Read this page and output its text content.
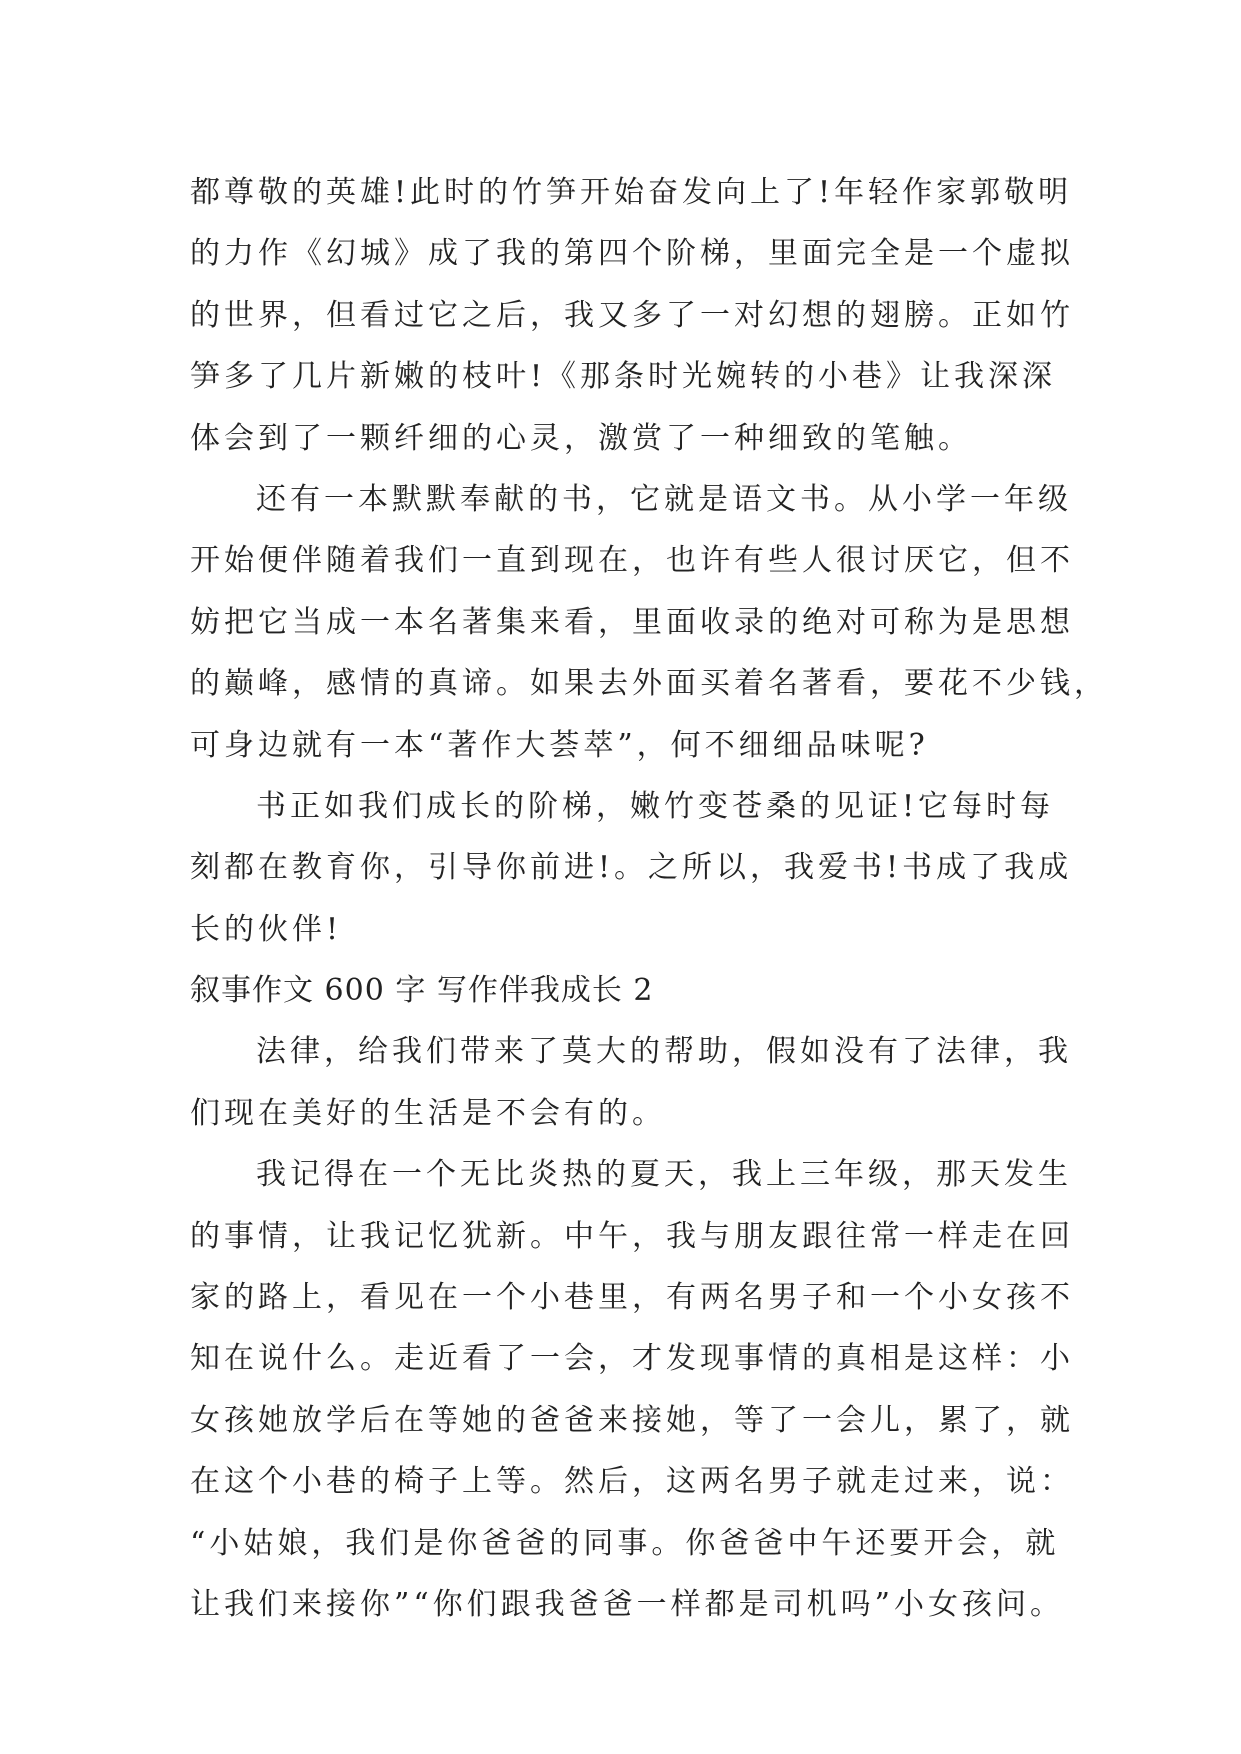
都尊敬的英雄!此时的竹笋开始奋发向上了!年轻作家郭敬明
的力作《幻城》成了我的第四个阶梯，里面完全是一个虚拟
的世界，但看过它之后，我又多了一对幻想的翅膀。正如竹
笋多了几片新嫩的枝叶!《那条时光婉转的小巷》让我深深
体会到了一颗纤细的心灵，激赏了一种细致的笔触。
还有一本默默奉献的书，它就是语文书。从小学一年级
开始便伴随着我们一直到现在，也许有些人很讨厌它，但不
妨把它当成一本名著集来看，里面收录的绝对可称为是思想
的巅峰，感情的真谛。如果去外面买着名著看，要花不少钱，
可身边就有一本“著作大荟萃”，何不细细品味呢?
书正如我们成长的阶梯，嫩竹变苍桑的见证!它每时每
刻都在教育你，引导你前进!。之所以，我爱书!书成了我成
长的伙伴!
叙事作文 600 字 写作伴我成长 2
法律，给我们带来了莫大的帮助，假如没有了法律，我
们现在美好的生活是不会有的。
我记得在一个无比炎热的夏天，我上三年级，那天发生
的事情，让我记忆犹新。中午，我与朋友跟往常一样走在回
家的路上，看见在一个小巷里，有两名男子和一个小女孩不
知在说什么。走近看了一会，才发现事情的真相是这样：小
女孩她放学后在等她的爸爸来接她，等了一会儿，累了，就
在这个小巷的椅子上等。然后，这两名男子就走过来，说：
“小姑娘，我们是你爸爸的同事。你爸爸中午还要开会，就
让我们来接你”“你们跟我爸爸一样都是司机吗”小女孩问。
